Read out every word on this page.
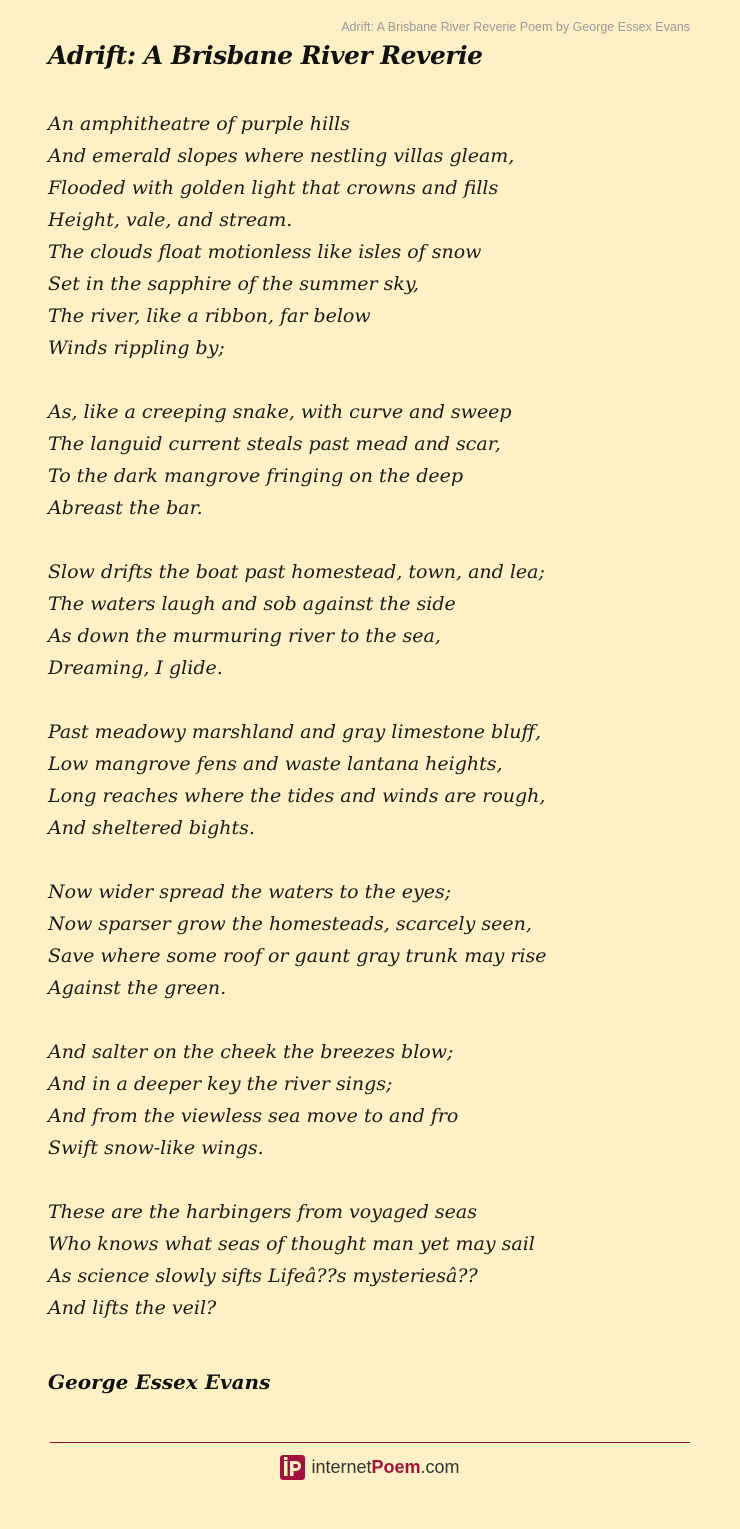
Adrift: A Brisbane River Reverie Poem by George Essex Evans
Adrift: A Brisbane River Reverie
An amphitheatre of purple hills
And emerald slopes where nestling villas gleam,
Flooded with golden light that crowns and fills
Height, vale, and stream.
The clouds float motionless like isles of snow
Set in the sapphire of the summer sky,
The river, like a ribbon, far below
Winds rippling by;
As, like a creeping snake, with curve and sweep
The languid current steals past mead and scar,
To the dark mangrove fringing on the deep
Abreast the bar.
Slow drifts the boat past homestead, town, and lea;
The waters laugh and sob against the side
As down the murmuring river to the sea,
Dreaming, I glide.
Past meadowy marshland and gray limestone bluff,
Low mangrove fens and waste lantana heights,
Long reaches where the tides and winds are rough,
And sheltered bights.
Now wider spread the waters to the eyes;
Now sparser grow the homesteads, scarcely seen,
Save where some roof or gaunt gray trunk may rise
Against the green.
And salter on the cheek the breezes blow;
And in a deeper key the river sings;
And from the viewless sea move to and fro
Swift snow-like wings.
These are the harbingers from voyaged seas
Who knows what seas of thought man yet may sail
As science slowly sifts Lifeâ??s mysteriesâ??
And lifts the veil?
George Essex Evans
internetPoem.com
